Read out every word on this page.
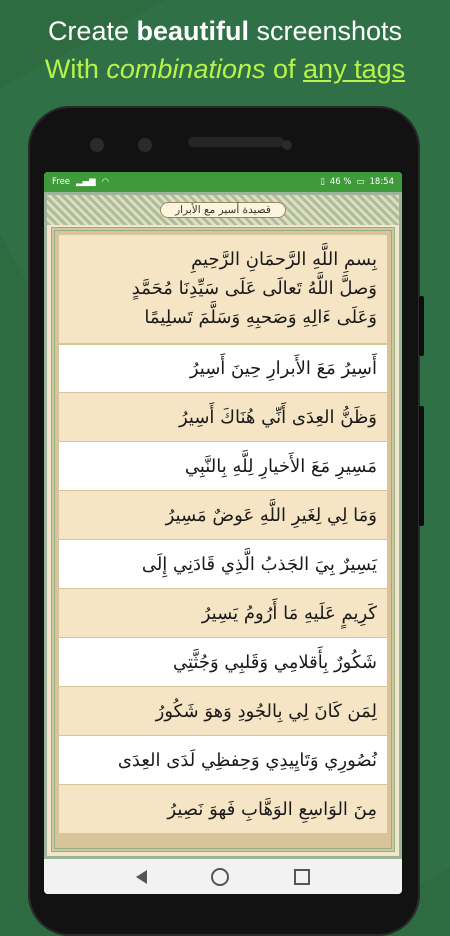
Create beautiful screenshots
With combinations of any tags
Free ▂▄▆ ◠	▯ 46 % ▭ 18:54
قصيدة أسير مع الأبرار
بِسمِ اللَّهِ الرَّحمَانِ الرَّحِيمِ
وَصلَّ اللَّهُ تَعالَى عَلَى سَيِّدِنَا مُحَمَّدٍ
وَعَلَى ءَالِهِ وَصَحبِهِ وَسَلَّمَ تَسلِيمًا
أَسِيرُ مَعَ الأَبرارِ حِينَ أَسِيرُ
وَظَنُّ العِدَى أَنِّي هُنَاكَ أَسِيرُ
مَسِيرِ مَعَ الأَخيارِ لِلَّهِ بِالنَّبِي
وَمَا لِي لِغَيرِ اللَّهِ عَوضٌ مَسِيرُ
يَسِيرٌ بِيَ الجَذبُ الَّذِي قَادَنِي إِلَى
كَرِيمٍ عَلَيهِ مَا أَرُومُ يَسِيرُ
شَكُورٌ بِأَقلامِي وَقَلبِي وَجُثَّتِي
لِمَن كَانَ لِي بِالجُودِ وَهوَ شَكُورُ
نُصُورِي وَتَايِيدِي وَحِفظِي لَدَى العِدَى
مِنَ الوَاسِعِ الوَهَّابِ فَهوَ نَصِيرُ
